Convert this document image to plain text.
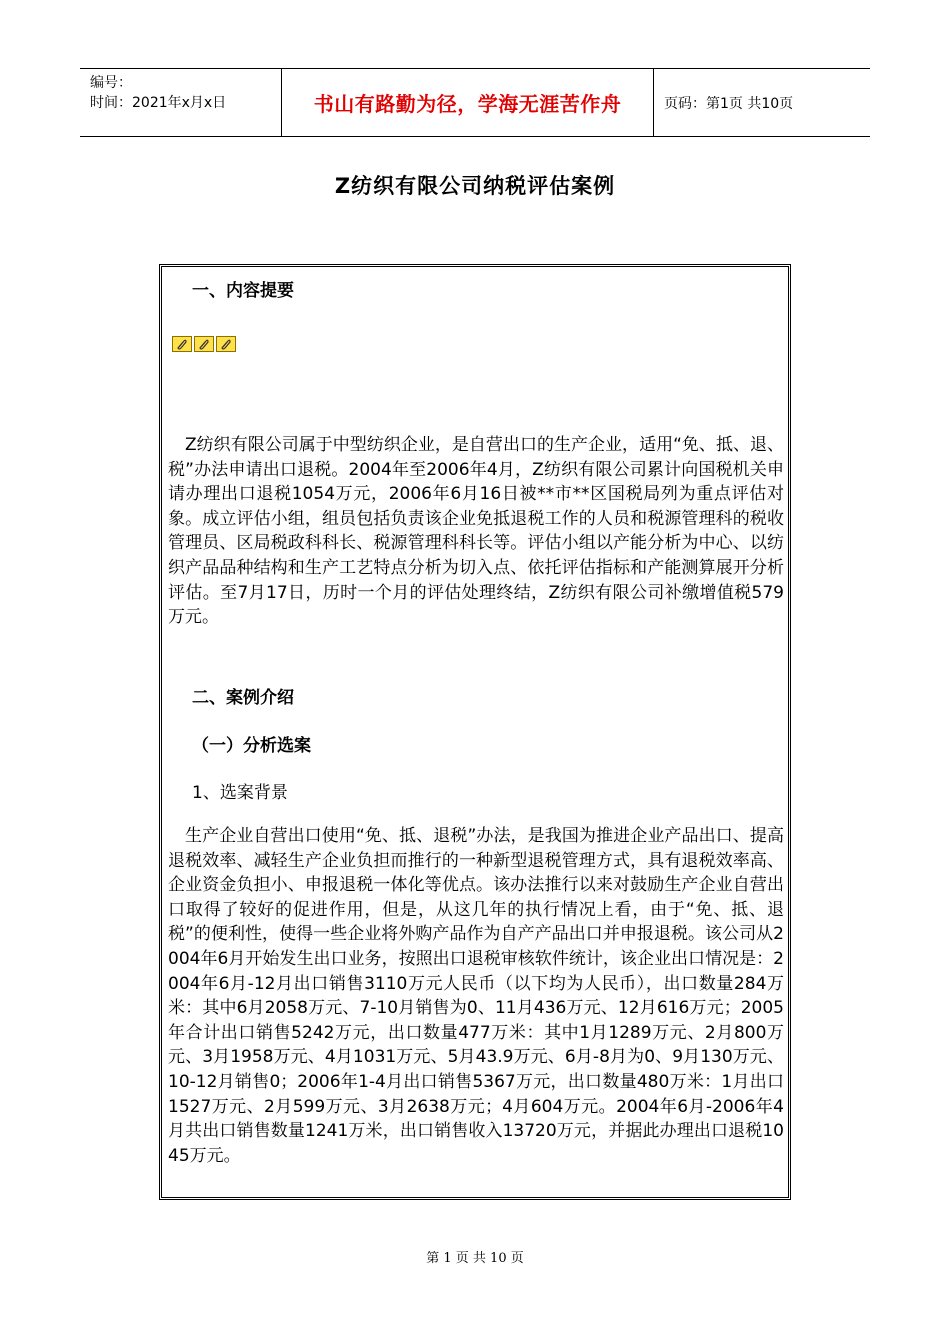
编号：
时间：2021年x月x日	书山有路勤为径，学海无涯苦作舟	页码：第1页 共10页
Z纺织有限公司纳税评估案例
一、内容提要
Z纺织有限公司属于中型纺织企业，是自营出口的生产企业，适用“免、抵、退、税”办法申请出口退税。2004年至2006年4月，Z纺织有限公司累计向国税机关申请办理出口退税1054万元，2006年6月16日被**市**区国税局列为重点评估对象。成立评估小组，组员包括负责该企业免抵退税工作的人员和税源管理科的税收管理员、区局税政科科长、税源管理科科长等。评估小组以产能分析为中心、以纺织产品品种结构和生产工艺特点分析为切入点、依托评估指标和产能测算展开分析评估。至7月17日，历时一个月的评估处理终结，Z纺织有限公司补缴增值税579万元。
二、案例介绍
（一）分析选案
1、选案背景
生产企业自营出口使用“免、抵、退税”办法，是我国为推进企业产品出口、提高退税效率、减轻生产企业负担而推行的一种新型退税管理方式，具有退税效率高、企业资金负担小、申报退税一体化等优点。该办法推行以来对鼓励生产企业自营出口取得了较好的促进作用，但是，从这几年的执行情况上看，由于“免、抵、退税”的便利性，使得一些企业将外购产品作为自产产品出口并申报退税。该公司从2004年6月开始发生出口业务，按照出口退税审核软件统计，该企业出口情况是：2004年6月-12月出口销售3110万元人民币（以下均为人民币），出口数量284万米：其中6月2058万元、7-10月销售为0、11月436万元、12月616万元；2005年合计出口销售5242万元，出口数量477万米：其中1月1289万元、2月800万元、3月1958万元、4月1031万元、5月43.9万元、6月-8月为0、9月130万元、10-12月销售0；2006年1-4月出口销售5367万元，出口数量480万米：1月出口1527万元、2月599万元、3月2638万元；4月604万元。2004年6月-2006年4月共出口销售数量1241万米，出口销售收入13720万元，并据此办理出口退税1045万元。
第 1 页 共 10 页
